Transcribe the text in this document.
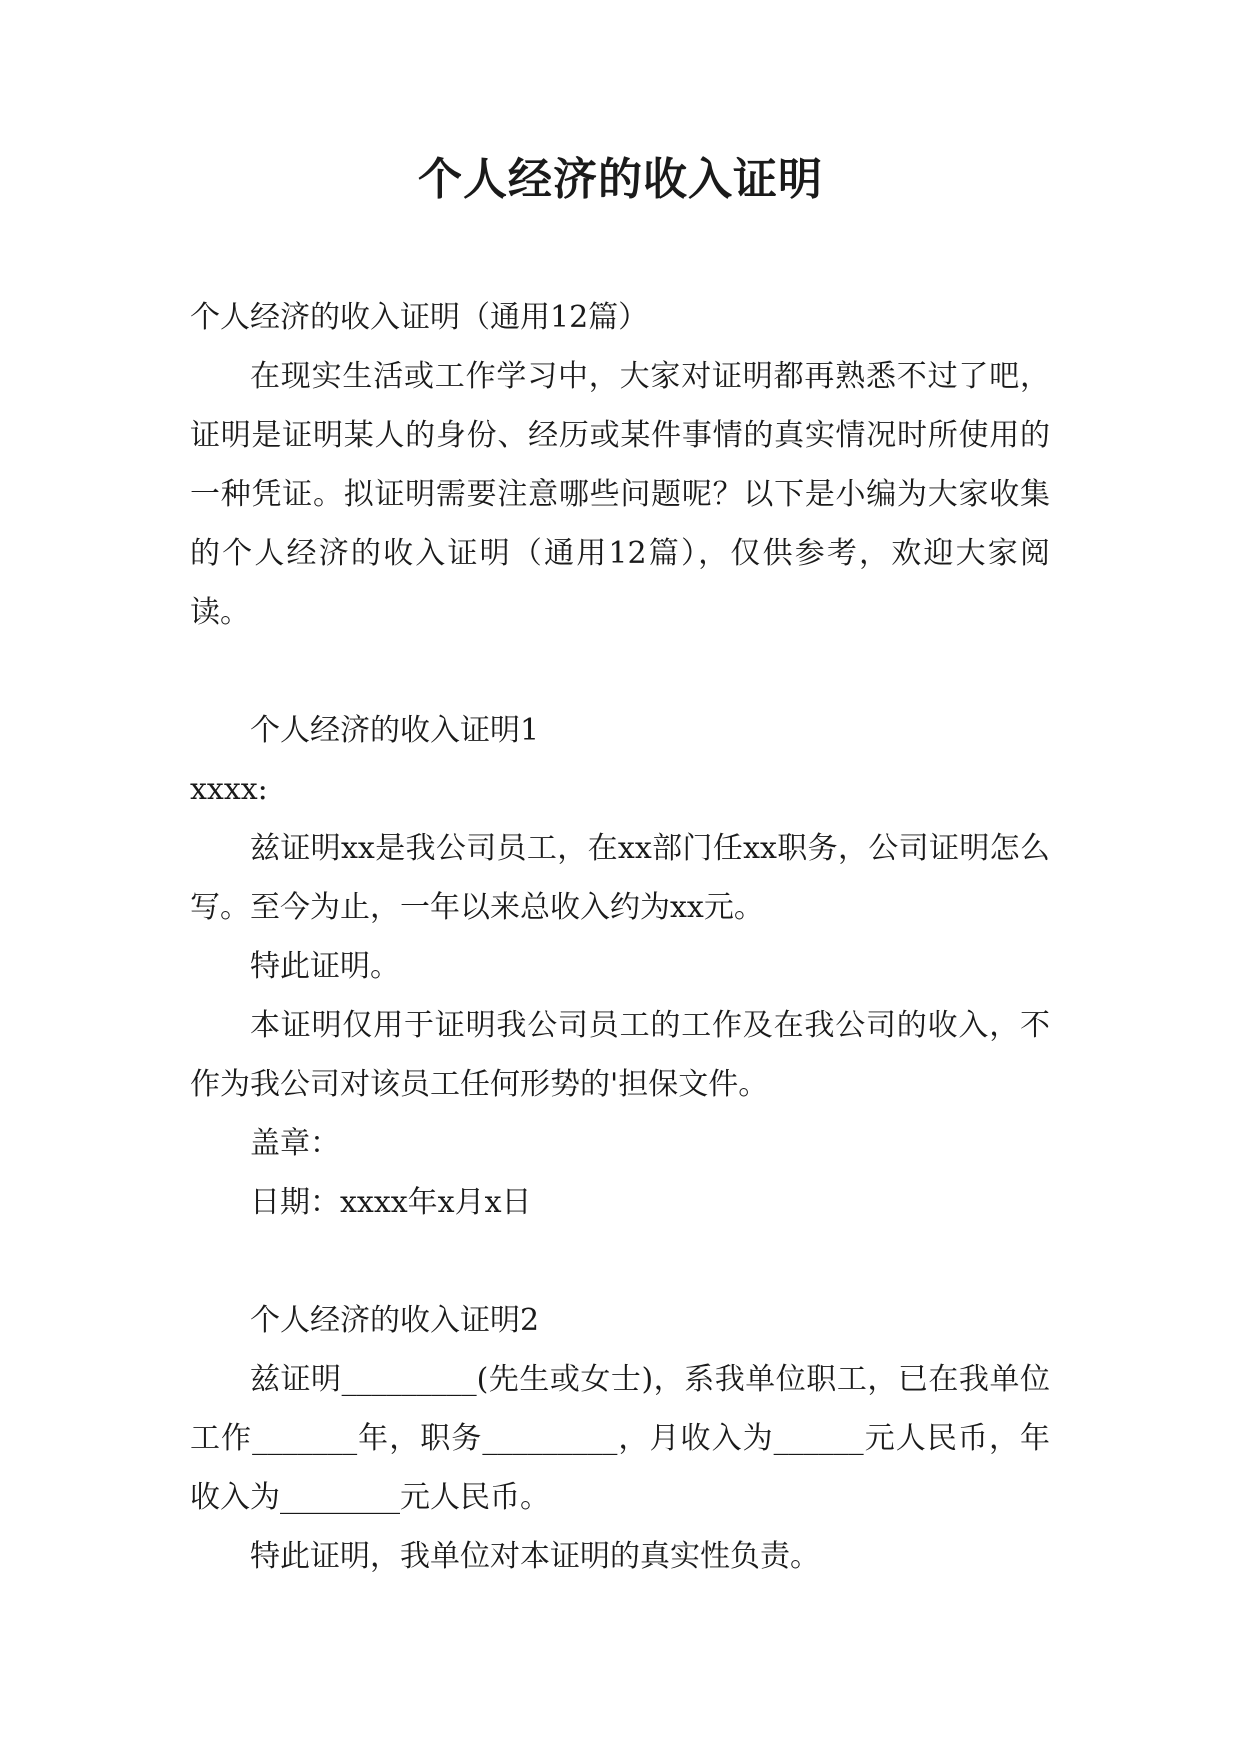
个人经济的收入证明

个人经济的收入证明（通用12篇）

在现实生活或工作学习中，大家对证明都再熟悉不过了吧，证明是证明某人的身份、经历或某件事情的真实情况时所使用的一种凭证。拟证明需要注意哪些问题呢？以下是小编为大家收集的个人经济的收入证明（通用12篇），仅供参考，欢迎大家阅读。

个人经济的收入证明1

xxxx:

兹证明xx是我公司员工，在xx部门任xx职务，公司证明怎么写。至今为止，一年以来总收入约为xx元。

特此证明。

本证明仅用于证明我公司员工的工作及在我公司的收入，不作为我公司对该员工任何形势的'担保文件。

盖章：

日期：xxxx年x月x日

个人经济的收入证明2

兹证明_________(先生或女士)，系我单位职工，已在我单位工作_______年，职务_________，月收入为______元人民币，年收入为________元人民币。

特此证明，我单位对本证明的真实性负责。
